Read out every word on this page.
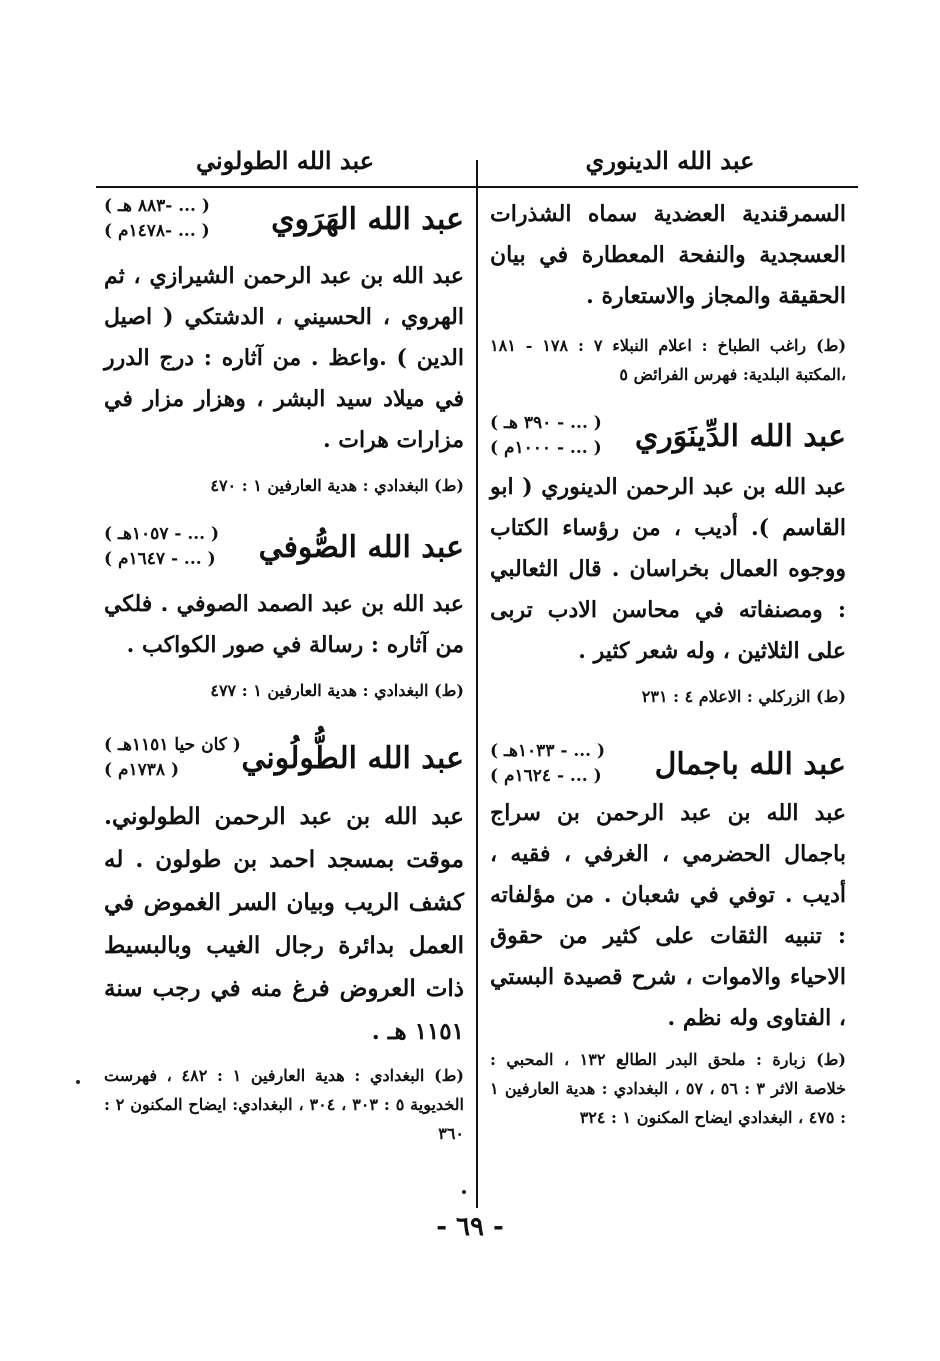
عبد الله الدينوري
عبد الله الطولوني

السمرقندية العضدية سماه الشذرات العسجدية والنفحة المعطارة في بيان الحقيقة والمجاز والاستعارة .

(ط) راغب الطباخ : اعلام النبلاء ٧ : ١٧٨ - ١٨١ ،المكتبة البلدية: فهرس الفرائض ٥

عبد الله الدِّينَوَري
( ... - ٣٩٠ هـ )
( ... - ١٠٠٠م )

عبد الله بن عبد الرحمن الدينوري ( ابو القاسم ). أديب ، من رؤساء الكتاب ووجوه العمال بخراسان . قال الثعالبي : ومصنفاته في محاسن الادب تربى على الثلاثين ، وله شعر كثير .

(ط) الزركلي : الاعلام ٤ : ٢٣١

عبد الله باجمال
( ... - ١٠٣٣هـ )
( ... - ١٦٢٤م )

عبد الله بن عبد الرحمن بن سراج باجمال الحضرمي ، الغرفي ، فقيه ، أديب . توفي في شعبان . من مؤلفاته : تنبيه الثقات على كثير من حقوق الاحياء والاموات ، شرح قصيدة البستي ، الفتاوى وله نظم .

(ط) زبارة : ملحق البدر الطالع ١٣٢ ، المحبي : خلاصة الاثر ٣ : ٥٦ ، ٥٧ ، البغدادي : هدية العارفين ١ : ٤٧٥ ، البغدادي ايضاح المكنون ١ : ٣٢٤

عبد الله الهَرَوي
( ... -٨٨٣ هـ )
( ... -١٤٧٨م )

عبد الله بن عبد الرحمن الشيرازي ، ثم الهروي ، الحسيني ، الدشتكي ( اصيل الدين ) .واعظ . من آثاره : درج الدرر في ميلاد سيد البشر ، وهزار مزار في مزارات هرات .

(ط) البغدادي : هدية العارفين ١ : ٤٧٠

عبد الله الصُّوفي
( ... - ١٠٥٧هـ )
( ... - ١٦٤٧م )

عبد الله بن عبد الصمد الصوفي . فلكي من آثاره : رسالة في صور الكواكب .

(ط) البغدادي : هدية العارفين ١ : ٤٧٧

عبد الله الطُّولُوني
( كان حيا ١١٥١هـ )
( ١٧٣٨م )

عبد الله بن عبد الرحمن الطولوني. موقت بمسجد احمد بن طولون . له كشف الريب وبيان السر الغموض في العمل بدائرة رجال الغيب وبالبسيط ذات العروض فرغ منه في رجب سنة ١١٥١ هـ .

(ط) البغدادي : هدية العارفين ١ : ٤٨٢ ، فهرست الخديوية ٥ : ٣٠٣ ، ٣٠٤ ، البغدادي: ايضاح المكنون ٢ : ٣٦٠

- ٦٩ -
